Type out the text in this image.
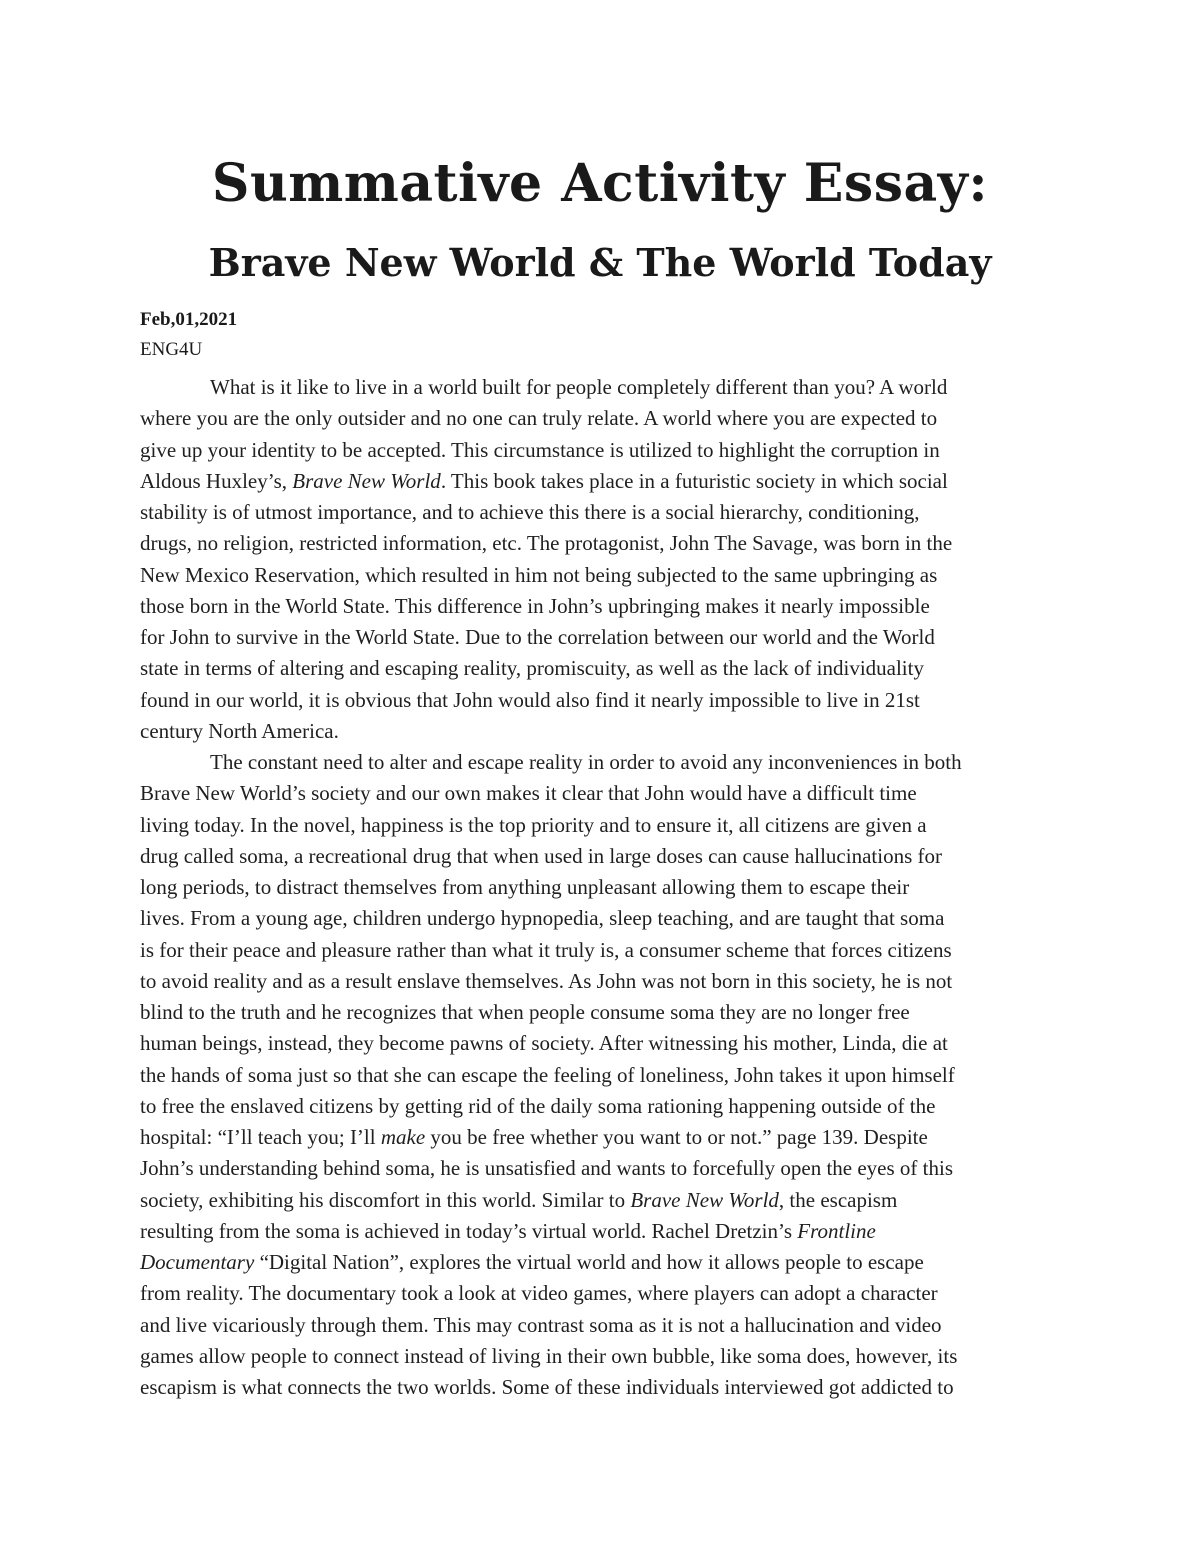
Summative Activity Essay:
Brave New World & The World Today
Feb,01,2021
ENG4U
What is it like to live in a world built for people completely different than you? A world
where you are the only outsider and no one can truly relate. A world where you are expected to
give up your identity to be accepted. This circumstance is utilized to highlight the corruption in
Aldous Huxley’s, Brave New World. This book takes place in a futuristic society in which social
stability is of utmost importance, and to achieve this there is a social hierarchy, conditioning,
drugs, no religion, restricted information, etc. The protagonist, John The Savage, was born in the
New Mexico Reservation, which resulted in him not being subjected to the same upbringing as
those born in the World State. This difference in John’s upbringing makes it nearly impossible
for John to survive in the World State. Due to the correlation between our world and the World
state in terms of altering and escaping reality, promiscuity, as well as the lack of individuality
found in our world, it is obvious that John would also find it nearly impossible to live in 21st
century North America.
The constant need to alter and escape reality in order to avoid any inconveniences in both
Brave New World’s society and our own makes it clear that John would have a difficult time
living today. In the novel, happiness is the top priority and to ensure it, all citizens are given a
drug called soma, a recreational drug that when used in large doses can cause hallucinations for
long periods, to distract themselves from anything unpleasant allowing them to escape their
lives. From a young age, children undergo hypnopedia, sleep teaching, and are taught that soma
is for their peace and pleasure rather than what it truly is, a consumer scheme that forces citizens
to avoid reality and as a result enslave themselves. As John was not born in this society, he is not
blind to the truth and he recognizes that when people consume soma they are no longer free
human beings, instead, they become pawns of society. After witnessing his mother, Linda, die at
the hands of soma just so that she can escape the feeling of loneliness, John takes it upon himself
to free the enslaved citizens by getting rid of the daily soma rationing happening outside of the
hospital: “I’ll teach you; I’ll make you be free whether you want to or not.” page 139. Despite
John’s understanding behind soma, he is unsatisfied and wants to forcefully open the eyes of this
society, exhibiting his discomfort in this world. Similar to Brave New World, the escapism
resulting from the soma is achieved in today’s virtual world. Rachel Dretzin’s Frontline
Documentary “Digital Nation”, explores the virtual world and how it allows people to escape
from reality. The documentary took a look at video games, where players can adopt a character
and live vicariously through them. This may contrast soma as it is not a hallucination and video
games allow people to connect instead of living in their own bubble, like soma does, however, its
escapism is what connects the two worlds. Some of these individuals interviewed got addicted to
